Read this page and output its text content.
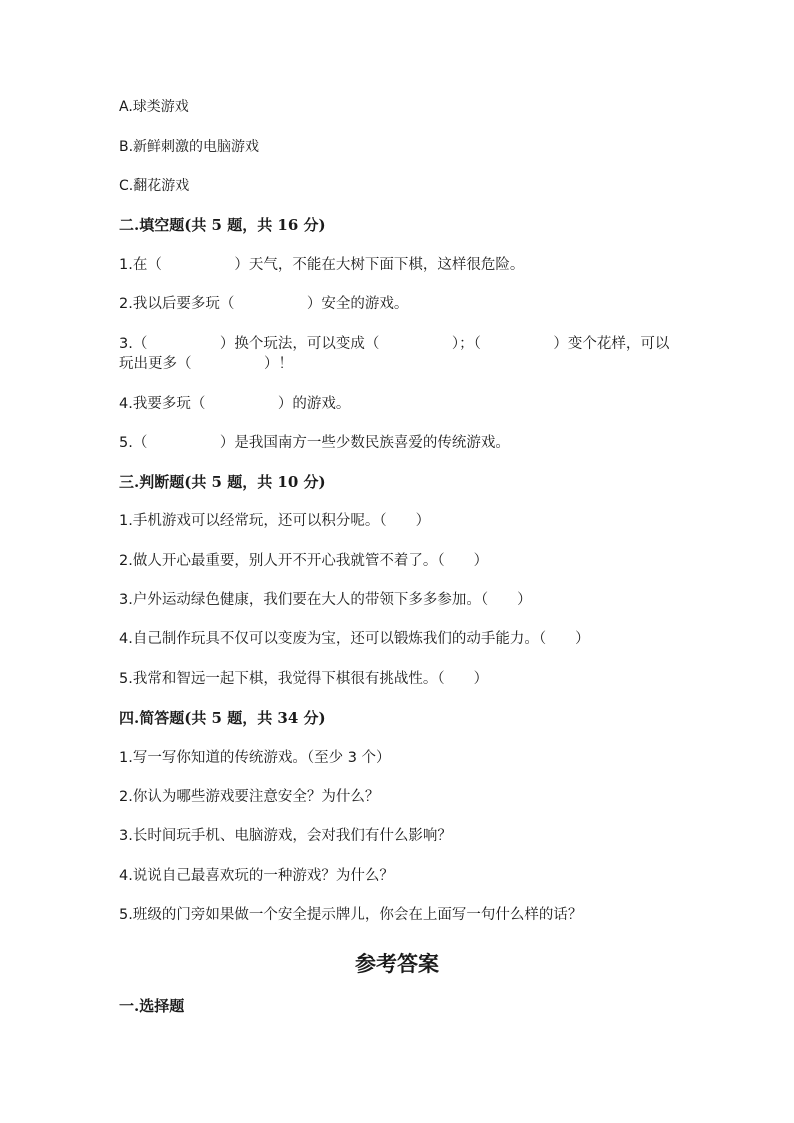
A.球类游戏
B.新鲜刺激的电脑游戏
C.翻花游戏
二.填空题(共 5 题，共 16 分)
1.在（　　　　　）天气，不能在大树下面下棋，这样很危险。
2.我以后要多玩（　　　　　）安全的游戏。
3.（　　　　　）换个玩法，可以变成（　　　　　）；（　　　　　）变个花样，可以玩出更多（　　　　　）！
4.我要多玩（　　　　　）的游戏。
5.（　　　　　）是我国南方一些少数民族喜爱的传统游戏。
三.判断题(共 5 题，共 10 分)
1.手机游戏可以经常玩，还可以积分呢。（　　）
2.做人开心最重要，别人开不开心我就管不着了。（　　）
3.户外运动绿色健康，我们要在大人的带领下多多参加。（　　）
4.自己制作玩具不仅可以变废为宝，还可以锻炼我们的动手能力。（　　）
5.我常和智远一起下棋，我觉得下棋很有挑战性。（　　）
四.简答题(共 5 题，共 34 分)
1.写一写你知道的传统游戏。（至少 3 个）
2.你认为哪些游戏要注意安全？为什么？
3.长时间玩手机、电脑游戏，会对我们有什么影响？
4.说说自己最喜欢玩的一种游戏？为什么？
5.班级的门旁如果做一个安全提示牌儿，你会在上面写一句什么样的话？
参考答案
一.选择题
